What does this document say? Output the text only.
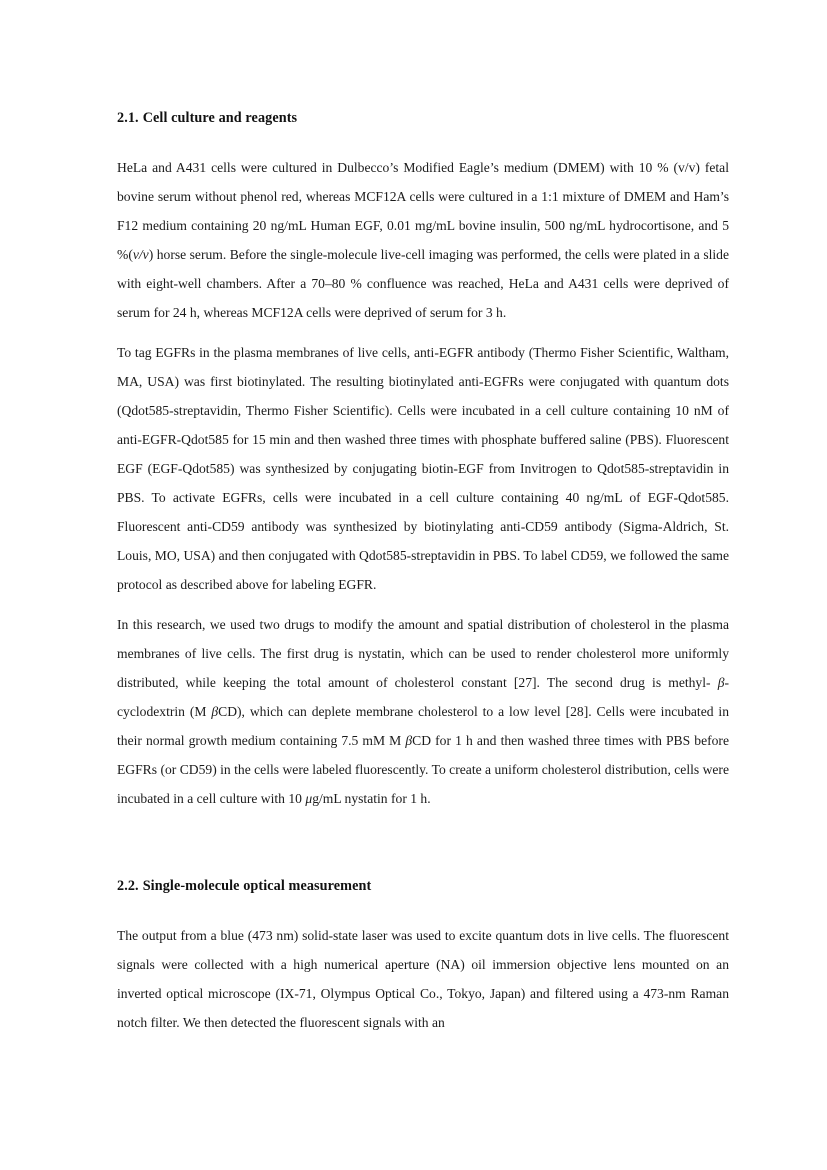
2.1. Cell culture and reagents

HeLa and A431 cells were cultured in Dulbecco’s Modified Eagle’s medium (DMEM) with 10 % (v/v) fetal bovine serum without phenol red, whereas MCF12A cells were cultured in a 1:1 mixture of DMEM and Ham’s F12 medium containing 20 ng/mL Human EGF, 0.01 mg/mL bovine insulin, 500 ng/mL hydrocortisone, and 5 %(v/v) horse serum. Before the single-molecule live-cell imaging was performed, the cells were plated in a slide with eight-well chambers. After a 70–80 % confluence was reached, HeLa and A431 cells were deprived of serum for 24 h, whereas MCF12A cells were deprived of serum for 3 h.

To tag EGFRs in the plasma membranes of live cells, anti-EGFR antibody (Thermo Fisher Scientific, Waltham, MA, USA) was first biotinylated. The resulting biotinylated anti-EGFRs were conjugated with quantum dots (Qdot585-streptavidin, Thermo Fisher Scientific). Cells were incubated in a cell culture containing 10 nM of anti-EGFR-Qdot585 for 15 min and then washed three times with phosphate buffered saline (PBS). Fluorescent EGF (EGF-Qdot585) was synthesized by conjugating biotin-EGF from Invitrogen to Qdot585-streptavidin in PBS. To activate EGFRs, cells were incubated in a cell culture containing 40 ng/mL of EGF-Qdot585. Fluorescent anti-CD59 antibody was synthesized by biotinylating anti-CD59 antibody (Sigma-Aldrich, St. Louis, MO, USA) and then conjugated with Qdot585-streptavidin in PBS. To label CD59, we followed the same protocol as described above for labeling EGFR.

In this research, we used two drugs to modify the amount and spatial distribution of cholesterol in the plasma membranes of live cells. The first drug is nystatin, which can be used to render cholesterol more uniformly distributed, while keeping the total amount of cholesterol constant [27]. The second drug is methyl- β-cyclodextrin (M βCD), which can deplete membrane cholesterol to a low level [28]. Cells were incubated in their normal growth medium containing 7.5 mM M βCD for 1 h and then washed three times with PBS before EGFRs (or CD59) in the cells were labeled fluorescently. To create a uniform cholesterol distribution, cells were incubated in a cell culture with 10 μg/mL nystatin for 1 h.

2.2. Single-molecule optical measurement

The output from a blue (473 nm) solid-state laser was used to excite quantum dots in live cells. The fluorescent signals were collected with a high numerical aperture (NA) oil immersion objective lens mounted on an inverted optical microscope (IX-71, Olympus Optical Co., Tokyo, Japan) and filtered using a 473-nm Raman notch filter. We then detected the fluorescent signals with an
